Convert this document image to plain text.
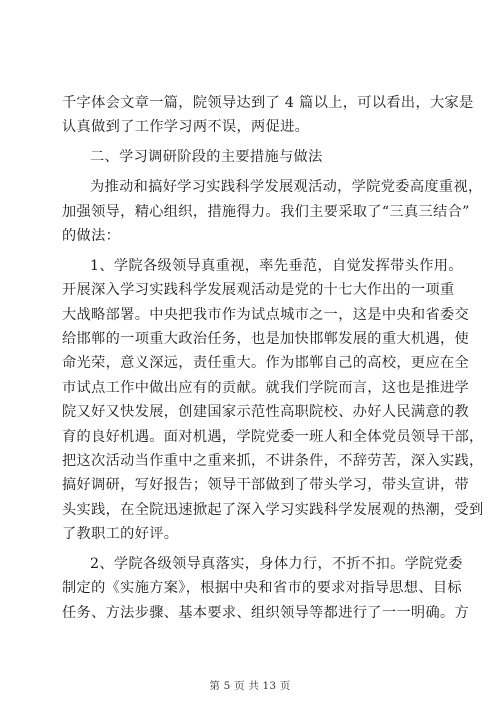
千字体会文章一篇，院领导达到了 4 篇以上，可以看出，大家是
认真做到了工作学习两不误，两促进。
二、学习调研阶段的主要措施与做法
为推动和搞好学习实践科学发展观活动，学院党委高度重视，
加强领导，精心组织，措施得力。我们主要采取了“三真三结合”
的做法：
1、学院各级领导真重视，率先垂范，自觉发挥带头作用。
开展深入学习实践科学发展观活动是党的十七大作出的一项重
大战略部署。中央把我市作为试点城市之一，这是中央和省委交
给邯郸的一项重大政治任务，也是加快邯郸发展的重大机遇，使
命光荣，意义深远，责任重大。作为邯郸自己的高校，更应在全
市试点工作中做出应有的贡献。就我们学院而言，这也是推进学
院又好又快发展，创建国家示范性高职院校、办好人民满意的教
育的良好机遇。面对机遇，学院党委一班人和全体党员领导干部，
把这次活动当作重中之重来抓，不讲条件，不辞劳苦，深入实践，
搞好调研，写好报告；领导干部做到了带头学习，带头宣讲，带
头实践，在全院迅速掀起了深入学习实践科学发展观的热潮，受到
了教职工的好评。
2、学院各级领导真落实，身体力行，不折不扣。学院党委
制定的《实施方案》，根据中央和省市的要求对指导思想、目标
任务、方法步骤、基本要求、组织领导等都进行了一一明确。方
第 5 页 共 13 页
